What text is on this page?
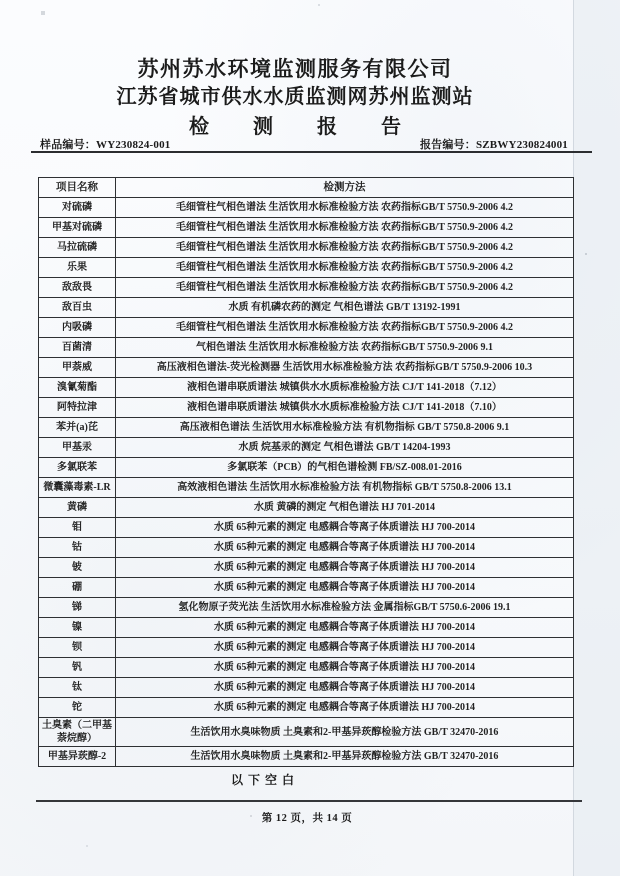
苏州苏水环境监测服务有限公司
江苏省城市供水水质监测网苏州监测站
检测报告
样品编号：WY230824-001	报告编号：SZBWY230824001
项目名称	检测方法
对硫磷	毛细管柱气相色谱法 生活饮用水标准检验方法 农药指标GB/T 5750.9-2006 4.2
甲基对硫磷	毛细管柱气相色谱法 生活饮用水标准检验方法 农药指标GB/T 5750.9-2006 4.2
马拉硫磷	毛细管柱气相色谱法 生活饮用水标准检验方法 农药指标GB/T 5750.9-2006 4.2
乐果	毛细管柱气相色谱法 生活饮用水标准检验方法 农药指标GB/T 5750.9-2006 4.2
敌敌畏	毛细管柱气相色谱法 生活饮用水标准检验方法 农药指标GB/T 5750.9-2006 4.2
敌百虫	水质 有机磷农药的测定 气相色谱法 GB/T 13192-1991
内吸磷	毛细管柱气相色谱法 生活饮用水标准检验方法 农药指标GB/T 5750.9-2006 4.2
百菌清	气相色谱法 生活饮用水标准检验方法 农药指标GB/T 5750.9-2006 9.1
甲萘威	高压液相色谱法-荧光检测器 生活饮用水标准检验方法 农药指标GB/T 5750.9-2006 10.3
溴氰菊酯	液相色谱串联质谱法 城镇供水水质标准检验方法 CJ/T 141-2018（7.12）
阿特拉津	液相色谱串联质谱法 城镇供水水质标准检验方法 CJ/T 141-2018（7.10）
苯并(a)芘	高压液相色谱法 生活饮用水标准检验方法 有机物指标 GB/T 5750.8-2006 9.1
甲基汞	水质 烷基汞的测定 气相色谱法 GB/T 14204-1993
多氯联苯	多氯联苯（PCB）的气相色谱检测 FB/SZ-008.01-2016
微囊藻毒素-LR	高效液相色谱法 生活饮用水标准检验方法 有机物指标 GB/T 5750.8-2006 13.1
黄磷	水质 黄磷的测定 气相色谱法 HJ 701-2014
钼	水质 65种元素的测定 电感耦合等离子体质谱法 HJ 700-2014
钴	水质 65种元素的测定 电感耦合等离子体质谱法 HJ 700-2014
铍	水质 65种元素的测定 电感耦合等离子体质谱法 HJ 700-2014
硼	水质 65种元素的测定 电感耦合等离子体质谱法 HJ 700-2014
锑	氢化物原子荧光法 生活饮用水标准检验方法 金属指标GB/T 5750.6-2006 19.1
镍	水质 65种元素的测定 电感耦合等离子体质谱法 HJ 700-2014
钡	水质 65种元素的测定 电感耦合等离子体质谱法 HJ 700-2014
钒	水质 65种元素的测定 电感耦合等离子体质谱法 HJ 700-2014
钛	水质 65种元素的测定 电感耦合等离子体质谱法 HJ 700-2014
铊	水质 65种元素的测定 电感耦合等离子体质谱法 HJ 700-2014
土臭素（二甲基萘烷醇）	生活饮用水臭味物质 土臭素和2-甲基异莰醇检验方法 GB/T 32470-2016
甲基异莰醇-2	生活饮用水臭味物质 土臭素和2-甲基异莰醇检验方法 GB/T 32470-2016
以下空白
第 12 页，共 14 页
